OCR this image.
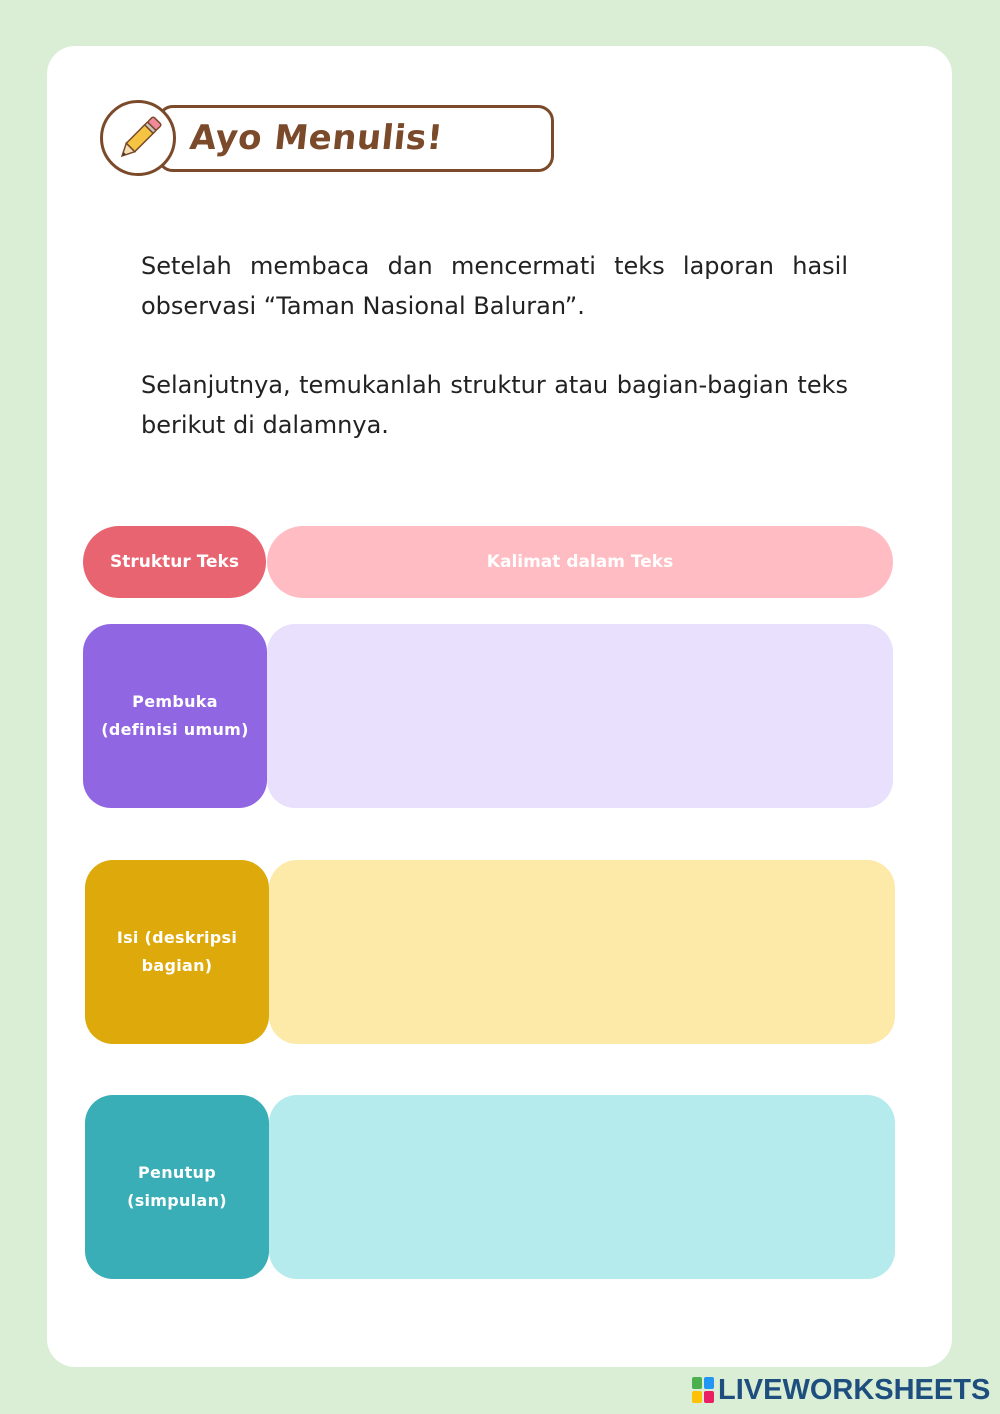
Ayo Menulis!

Setelah membaca dan mencermati teks laporan hasil observasi “Taman Nasional Baluran”.

Selanjutnya, temukanlah struktur atau bagian-bagian teks berikut di dalamnya.

Struktur Teks	Kalimat dalam Teks
Pembuka
(definisi umum)
Isi (deskripsi
bagian)
Penutup
(simpulan)
LIVEWORKSHEETS
